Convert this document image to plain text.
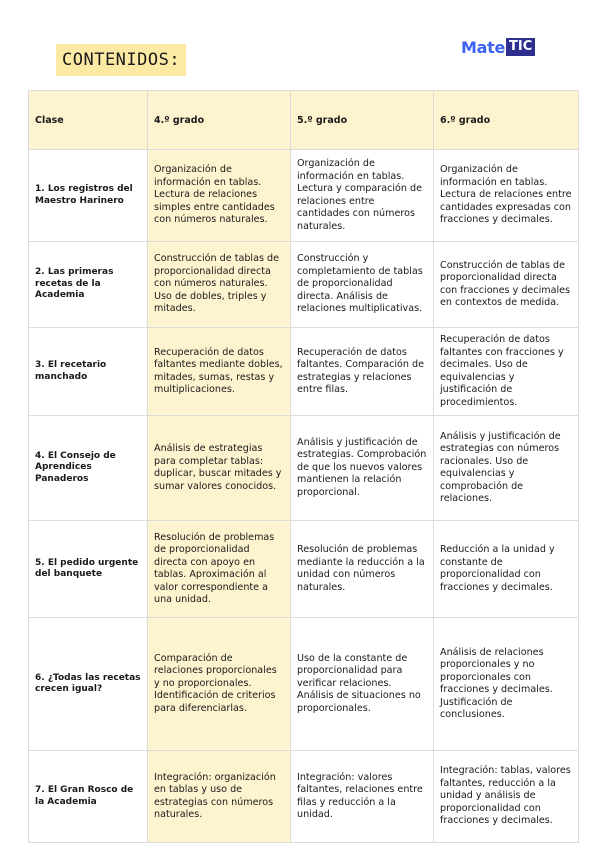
CONTENIDOS:
Mate TIC
Clase	4.º grado	5.º grado	6.º grado
1. Los registros del Maestro Harinero	Organización de información en tablas. Lectura de relaciones simples entre cantidades con números naturales.	Organización de información en tablas. Lectura y comparación de relaciones entre cantidades con números naturales.	Organización de información en tablas. Lectura de relaciones entre cantidades expresadas con fracciones y decimales.
2. Las primeras recetas de la Academia	Construcción de tablas de proporcionalidad directa con números naturales. Uso de dobles, triples y mitades.	Construcción y completamiento de tablas de proporcionalidad directa. Análisis de relaciones multiplicativas.	Construcción de tablas de proporcionalidad directa con fracciones y decimales en contextos de medida.
3. El recetario manchado	Recuperación de datos faltantes mediante dobles, mitades, sumas, restas y multiplicaciones.	Recuperación de datos faltantes. Comparación de estrategias y relaciones entre filas.	Recuperación de datos faltantes con fracciones y decimales. Uso de equivalencias y justificación de procedimientos.
4. El Consejo de Aprendices Panaderos	Análisis de estrategias para completar tablas: duplicar, buscar mitades y sumar valores conocidos.	Análisis y justificación de estrategias. Comprobación de que los nuevos valores mantienen la relación proporcional.	Análisis y justificación de estrategias con números racionales. Uso de equivalencias y comprobación de relaciones.
5. El pedido urgente del banquete	Resolución de problemas de proporcionalidad directa con apoyo en tablas. Aproximación al valor correspondiente a una unidad.	Resolución de problemas mediante la reducción a la unidad con números naturales.	Reducción a la unidad y constante de proporcionalidad con fracciones y decimales.
6. ¿Todas las recetas crecen igual?	Comparación de relaciones proporcionales y no proporcionales. Identificación de criterios para diferenciarlas.	Uso de la constante de proporcionalidad para verificar relaciones. Análisis de situaciones no proporcionales.	Análisis de relaciones proporcionales y no proporcionales con fracciones y decimales. Justificación de conclusiones.
7. El Gran Rosco de la Academia	Integración: organización en tablas y uso de estrategias con números naturales.	Integración: valores faltantes, relaciones entre filas y reducción a la unidad.	Integración: tablas, valores faltantes, reducción a la unidad y análisis de proporcionalidad con fracciones y decimales.
